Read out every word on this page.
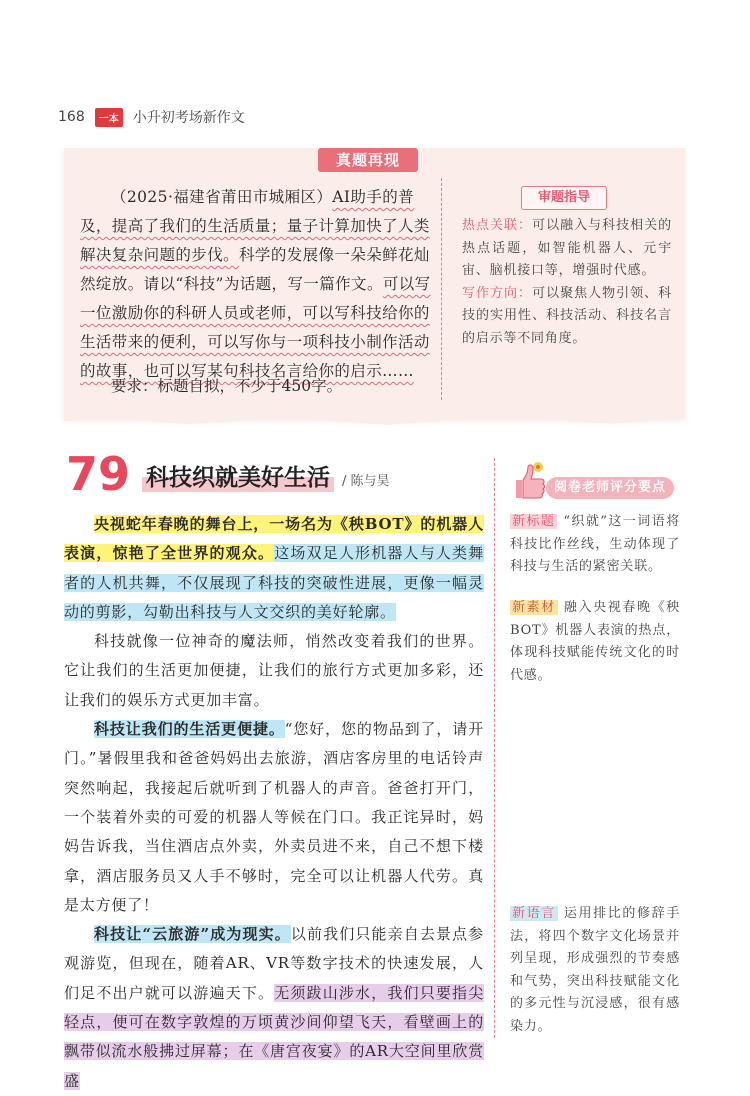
168	一本 小升初考场新作文
真题再现

（2025·福建省莆田市城厢区）AI助手的普及，提高了我们的生活质量；量子计算加快了人类解决复杂问题的步伐。科学的发展像一朵朵鲜花灿然绽放。请以“科技”为话题，写一篇作文。可以写一位激励你的科研人员或老师，可以写科技给你的生活带来的便利，可以写你与一项科技小制作活动的故事，也可以写某句科技名言给你的启示……

要求：标题自拟，不少于450字。
审题指导
热点关联：可以融入与科技相关的热点话题，如智能机器人、元宇宙、脑机接口等，增强时代感。
写作方向：可以聚焦人物引领、科技的实用性、科技活动、科技名言的启示等不同角度。
79 科技织就美好生活 / 陈与昊

央视蛇年春晚的舞台上，一场名为《秧BOT》的机器人表演，惊艳了全世界的观众。这场双足人形机器人与人类舞者的人机共舞，不仅展现了科技的突破性进展，更像一幅灵动的剪影，勾勒出科技与人文交织的美好轮廓。

科技就像一位神奇的魔法师，悄然改变着我们的世界。它让我们的生活更加便捷，让我们的旅行方式更加多彩，还让我们的娱乐方式更加丰富。

科技让我们的生活更便捷。“您好，您的物品到了，请开门。”暑假里我和爸爸妈妈出去旅游，酒店客房里的电话铃声突然响起，我接起后就听到了机器人的声音。爸爸打开门，一个装着外卖的可爱的机器人等候在门口。我正诧异时，妈妈告诉我，当住酒店点外卖，外卖员进不来，自己不想下楼拿，酒店服务员又人手不够时，完全可以让机器人代劳。真是太方便了！

科技让“云旅游”成为现实。以前我们只能亲自去景点参观游览，但现在，随着AR、VR等数字技术的快速发展，人们足不出户就可以游遍天下。无须跋山涉水，我们只要指尖轻点，便可在数字敦煌的万顷黄沙间仰望飞天，看壁画上的飘带似流水般拂过屏幕；在《唐宫夜宴》的AR大空间里欣赏盛

阅卷老师评分要点
新标题 “织就”这一词语将科技比作丝线，生动体现了科技与生活的紧密关联。
新素材 融入央视春晚《秧BOT》机器人表演的热点，体现科技赋能传统文化的时代感。
新语言 运用排比的修辞手法，将四个数字文化场景并列呈现，形成强烈的节奏感和气势，突出科技赋能文化的多元性与沉浸感，很有感染力。
